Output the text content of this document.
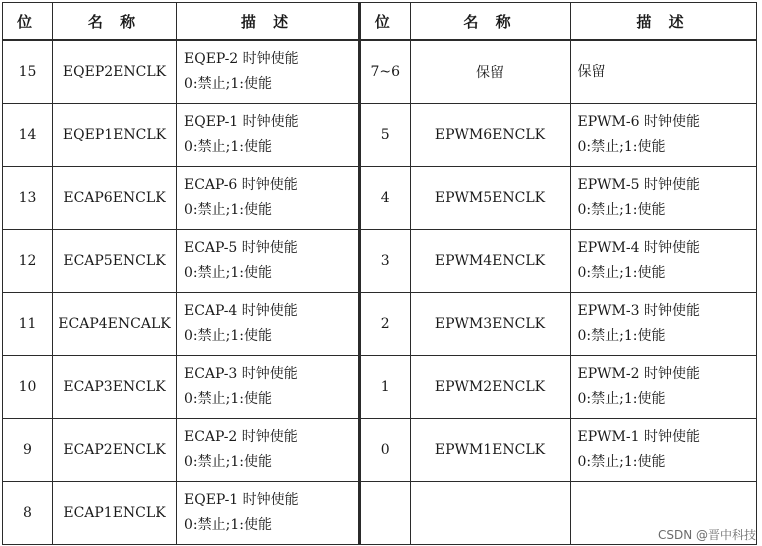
位	名 称	描 述
15	EQEP2ENCLK	EQEP-2 时钟使能
0:禁止;1:使能

14	EQEP1ENCLK	EQEP-1 时钟使能
0:禁止;1:使能

13	ECAP6ENCLK	ECAP-6 时钟使能
0:禁止;1:使能

12	ECAP5ENCLK	ECAP-5 时钟使能
0:禁止;1:使能

11	ECAP4ENCALK	ECAP-4 时钟使能
0:禁止;1:使能

10	ECAP3ENCLK	ECAP-3 时钟使能
0:禁止;1:使能

9	ECAP2ENCLK	ECAP-2 时钟使能
0:禁止;1:使能

8	ECAP1ENCLK	EQEP-1 时钟使能
0:禁止;1:使能
位	名 称	描 述
7~6	保留	保留

5	EPWM6ENCLK	EPWM-6 时钟使能
0:禁止;1:使能

4	EPWM5ENCLK	EPWM-5 时钟使能
0:禁止;1:使能

3	EPWM4ENCLK	EPWM-4 时钟使能
0:禁止;1:使能

2	EPWM3ENCLK	EPWM-3 时钟使能
0:禁止;1:使能

1	EPWM2ENCLK	EPWM-2 时钟使能
0:禁止;1:使能

0	EPWM1ENCLK	EPWM-1 时钟使能
0:禁止;1:使能

CSDN @晋中科技
